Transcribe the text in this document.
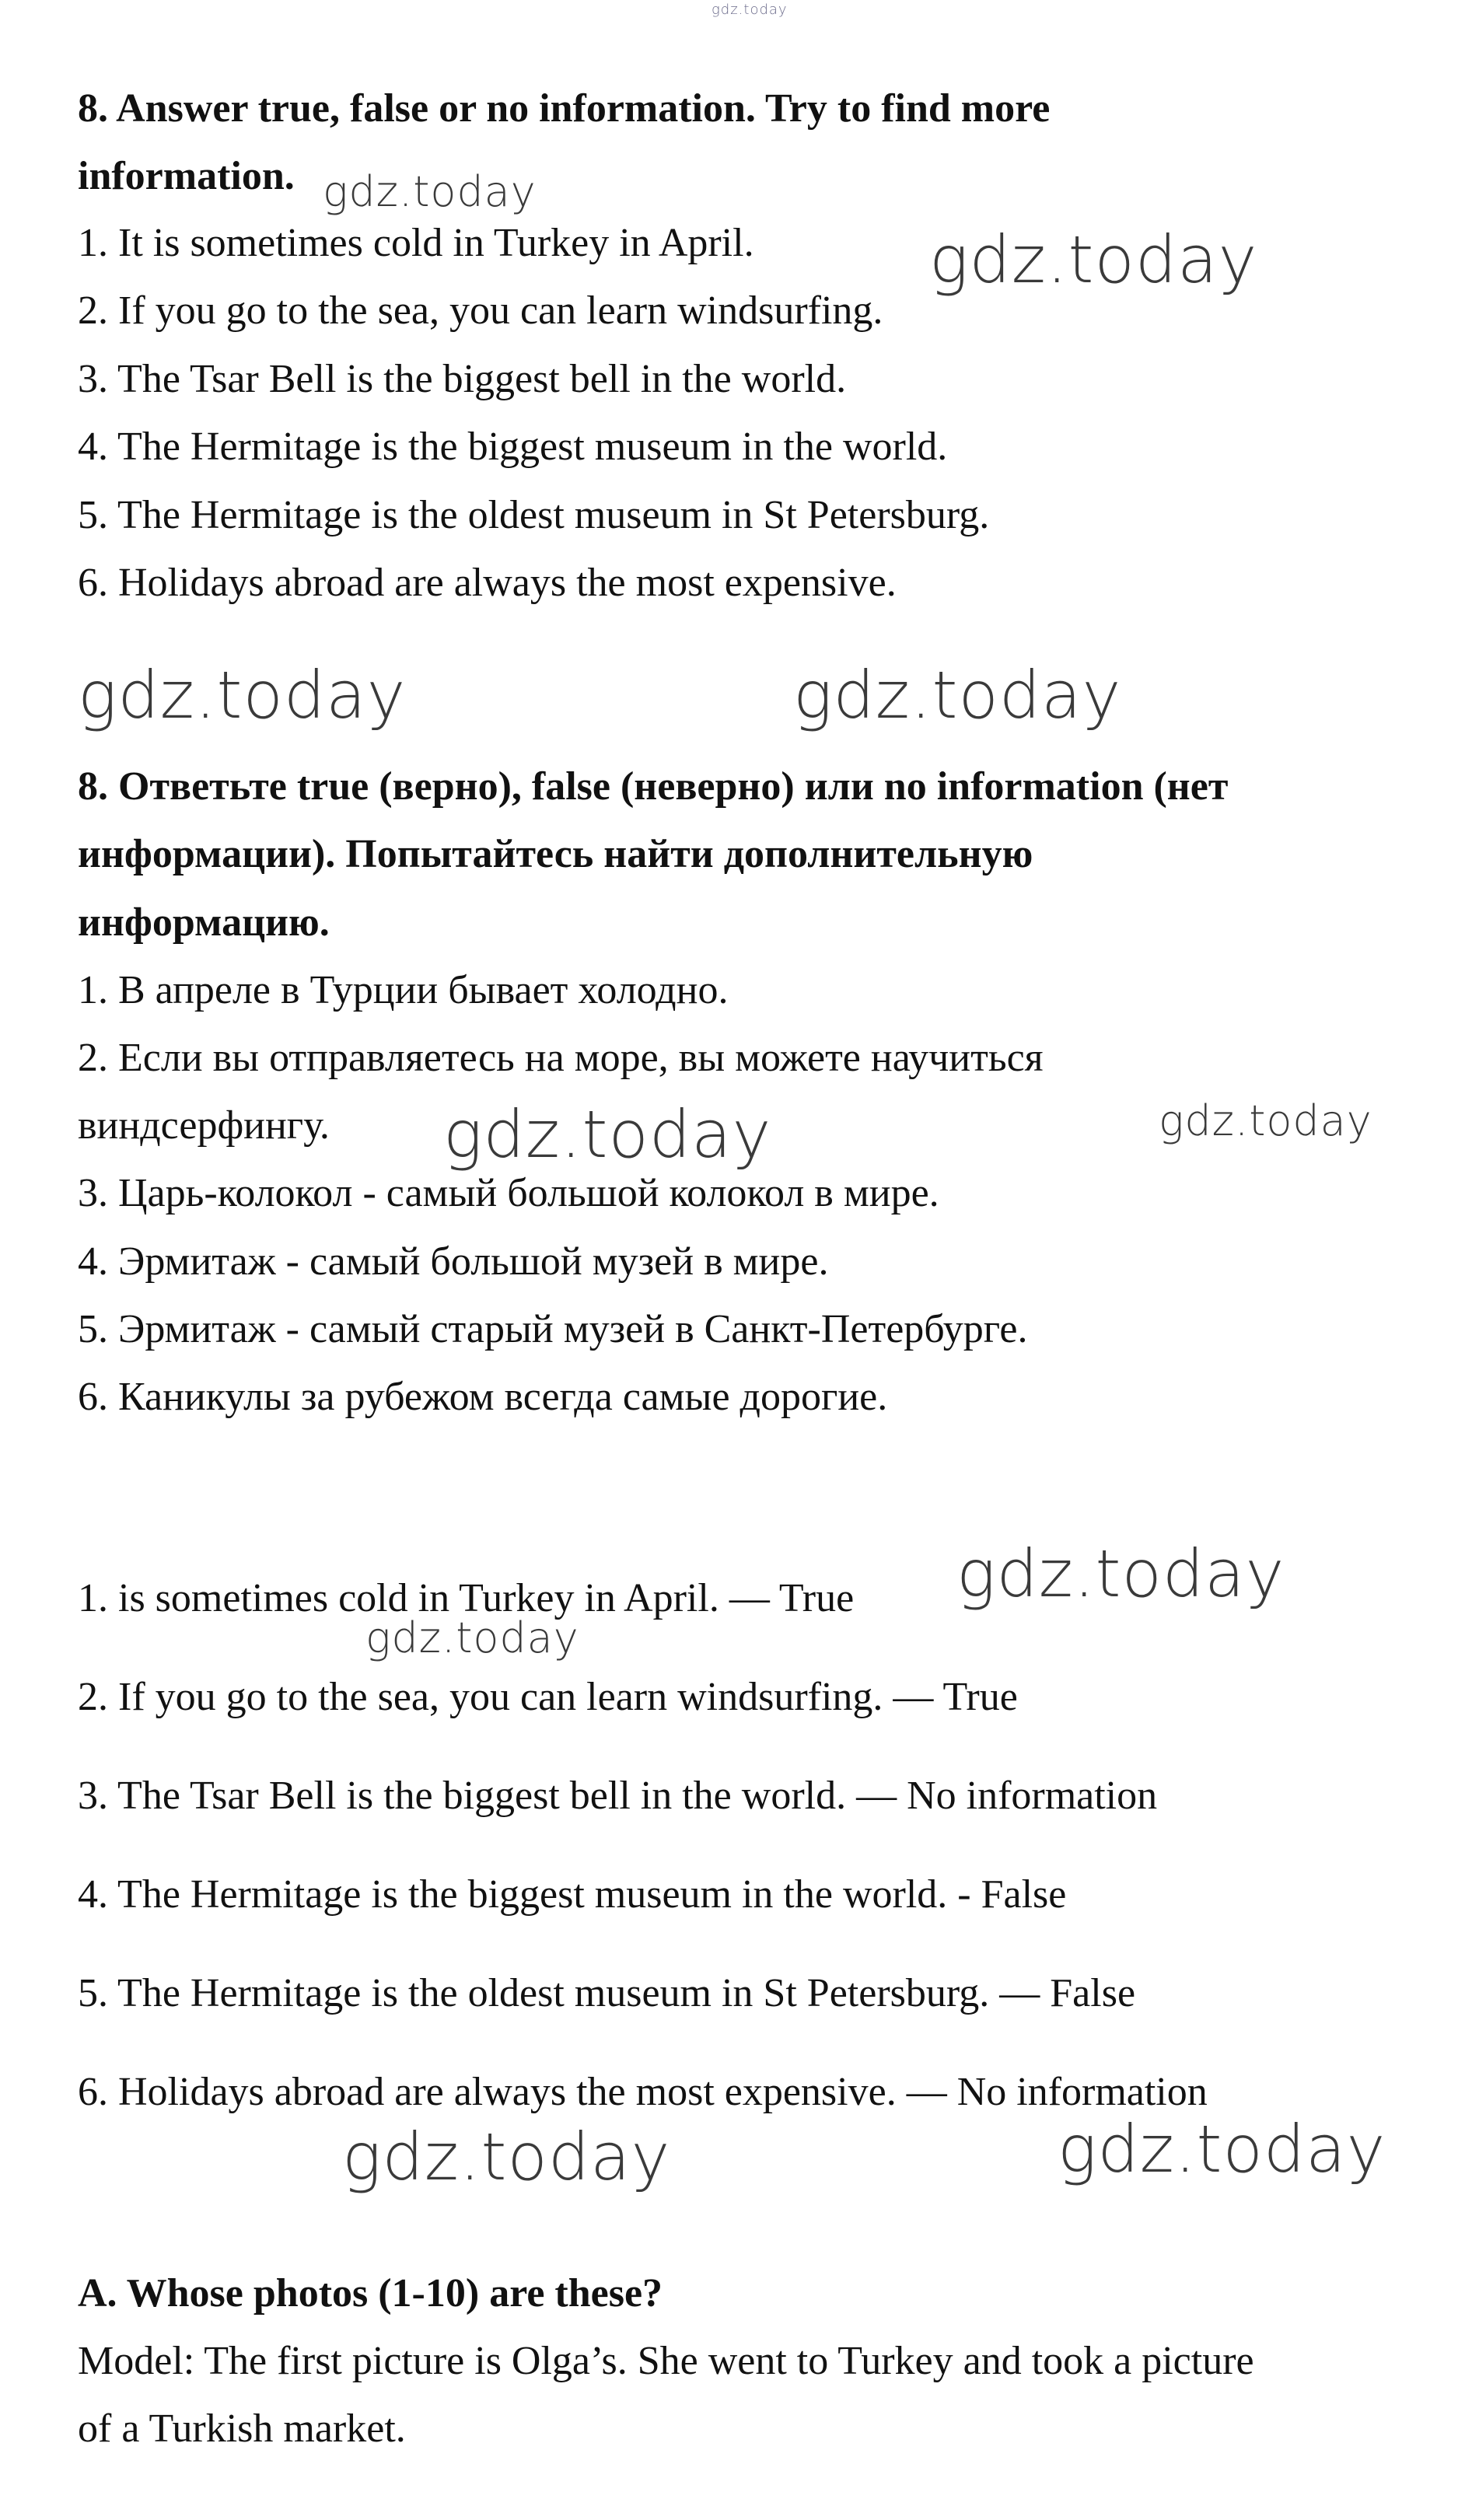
gdz.today
8. Answer true, false or no information. Try to find more
information.
1. It is sometimes cold in Turkey in April.
2. If you go to the sea, you can learn windsurfing.
3. The Tsar Bell is the biggest bell in the world.
4. The Hermitage is the biggest museum in the world.
5. The Hermitage is the oldest museum in St Petersburg.
6. Holidays abroad are always the most expensive.
8. Ответьте true (верно), false (неверно) или no information (нет
информации). Попытайтесь найти дополнительную
информацию.
1. В апреле в Турции бывает холодно.
2. Если вы отправляетесь на море, вы можете научиться
виндсерфингу.
3. Царь-колокол - самый большой колокол в мире.
4. Эрмитаж - самый большой музей в мире.
5. Эрмитаж - самый старый музей в Санкт-Петербурге.
6. Каникулы за рубежом всегда самые дорогие.
1. is sometimes cold in Turkey in April. — True
2. If you go to the sea, you can learn windsurfing. — True
3. The Tsar Bell is the biggest bell in the world. — No information
4. The Hermitage is the biggest museum in the world. - False
5. The Hermitage is the oldest museum in St Petersburg. — False
6. Holidays abroad are always the most expensive. — No information
A. Whose photos (1-10) are these?
Model: The first picture is Olga’s. She went to Turkey and took a picture
of a Turkish market.
gdz.today
gdz.today
gdz.today	gdz.today
gdz.today	gdz.today
gdz.today
gdz.today
gdz.today	gdz.today
